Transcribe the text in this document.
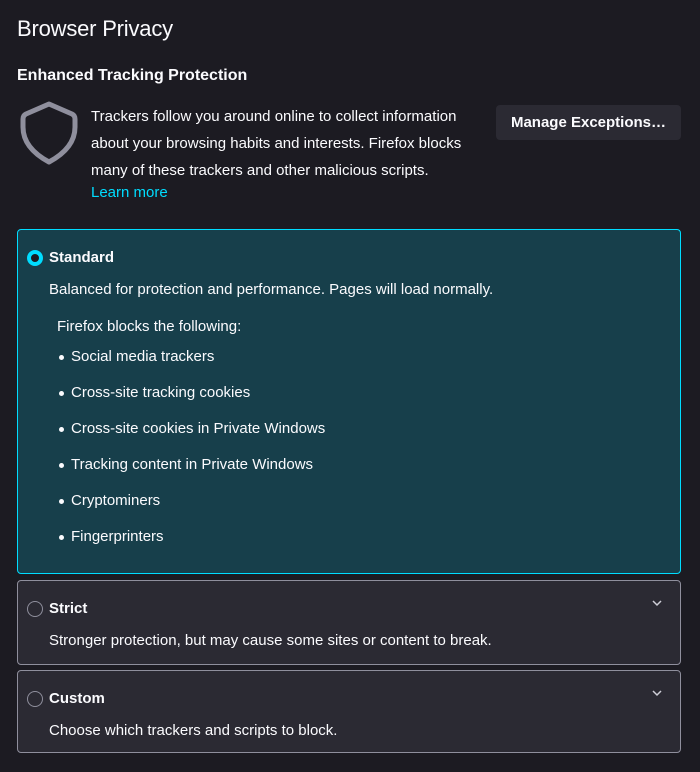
Browser Privacy
Enhanced Tracking Protection

Trackers follow you around online to collect information about your browsing habits and interests. Firefox blocks many of these trackers and other malicious scripts.

Learn more
Manage Exceptions…
Standard
Balanced for protection and performance. Pages will load normally.
Firefox blocks the following:
Social media trackers
Cross-site tracking cookies
Cross-site cookies in Private Windows
Tracking content in Private Windows
Cryptominers
Fingerprinters
Strict
Stronger protection, but may cause some sites or content to break.
Custom
Choose which trackers and scripts to block.
